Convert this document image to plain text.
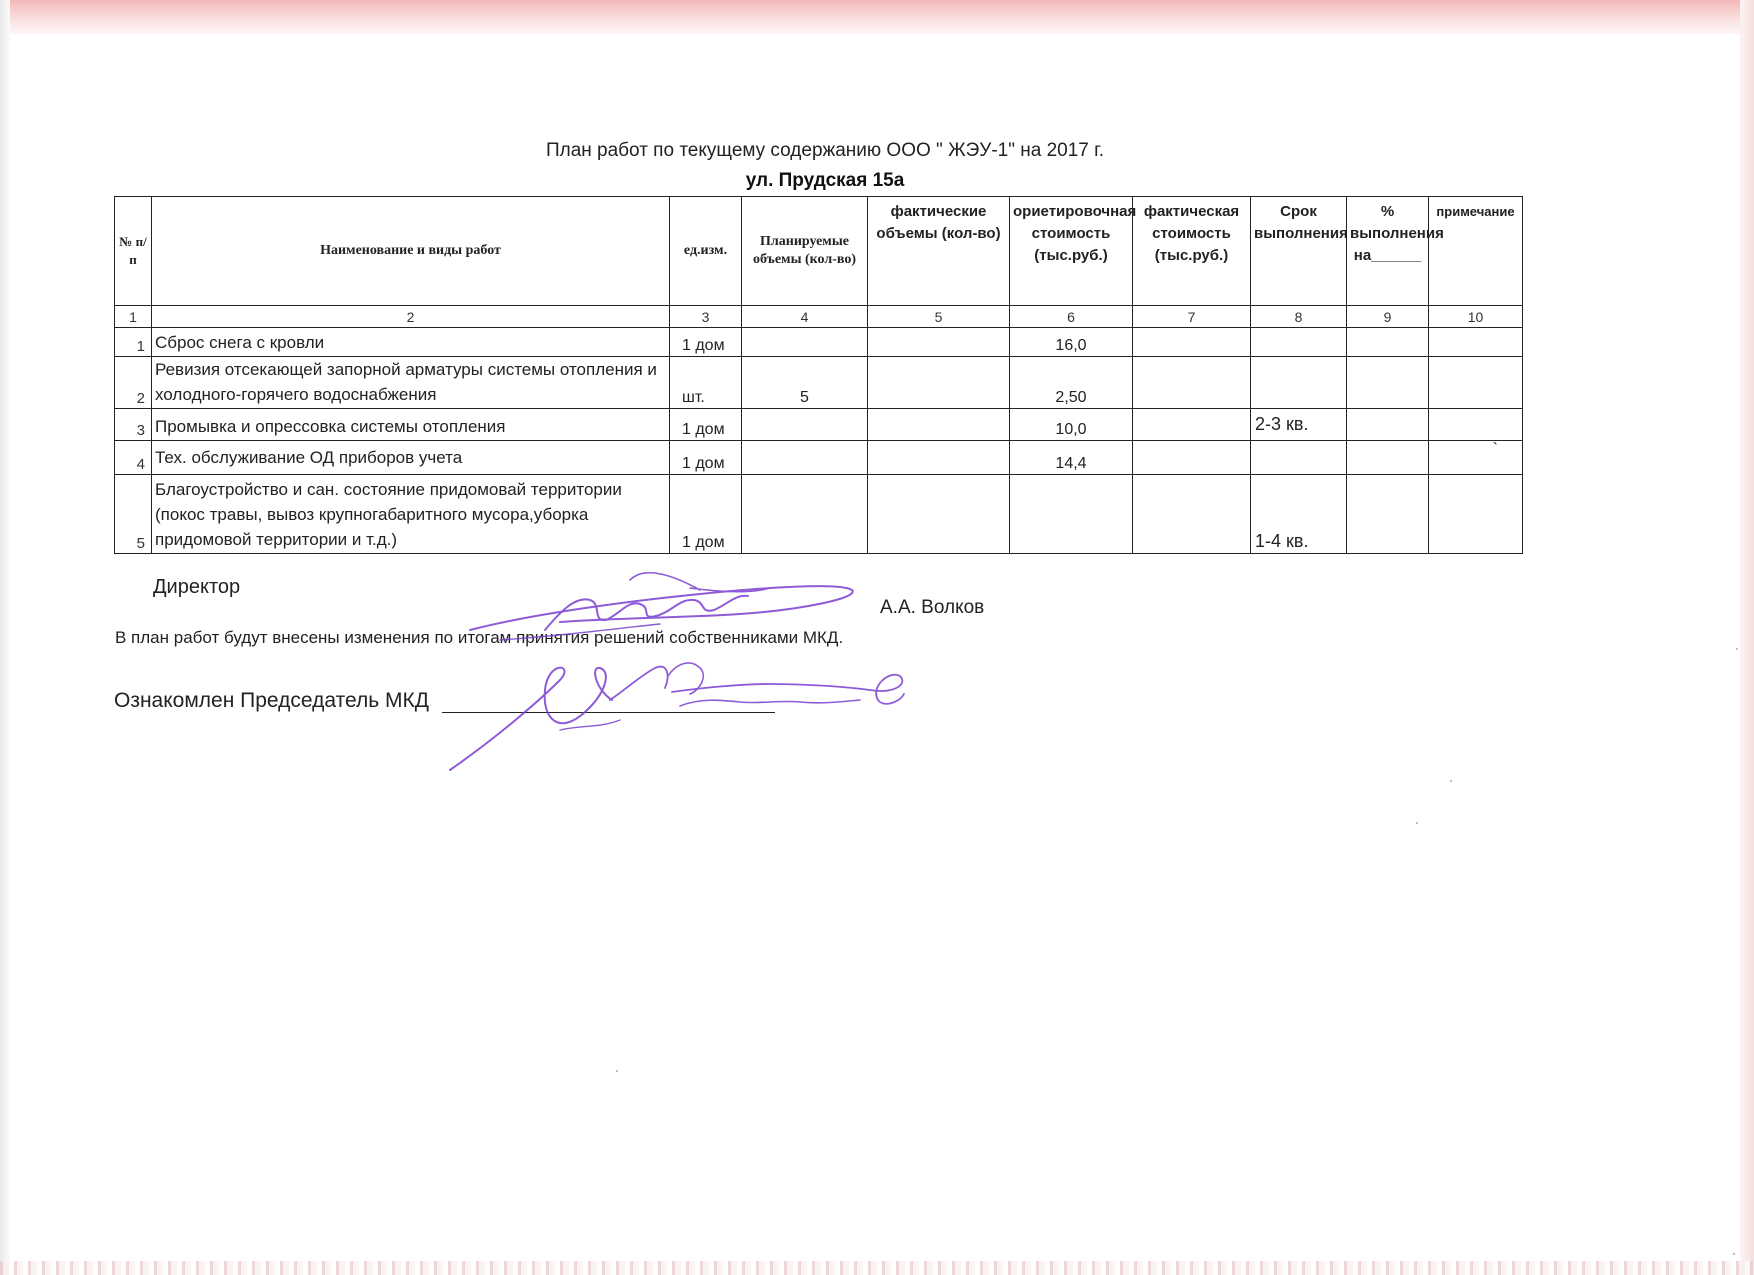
План работ по текущему содержанию ООО " ЖЭУ-1" на 2017 г.
ул. Прудская 15а
№ п/п	Наименование и виды работ	ед.изм.	Планируемые объемы (кол-во)	фактические объемы (кол-во)	ориетировочная стоимость (тыс.руб.)	фактическая стоимость (тыс.руб.)	Срок выполнения	% выполнения на______	примечание
1	2	3	4	5	6	7	8	9	10
1	Сброс снега с кровли	1 дом			16,0				
2	Ревизия отсекающей запорной арматуры системы отопления и холодного-горячего водоснабжения	шт.	5		2,50				
3	Промывка и опрессовка системы отопления	1 дом			10,0		2-3 кв.		
4	Тех. обслуживание ОД приборов учета	1 дом			14,4				`
5	Благоустройство и сан. состояние придомовай территории (покос травы, вывоз крупногабаритного мусора,уборка придомовой территории и т.д.)	1 дом					1-4 кв.		
Директор
А.А. Волков
В план работ будут внесены изменения по итогам принятия решений собственниками МКД.
Ознакомлен Председатель МКД
